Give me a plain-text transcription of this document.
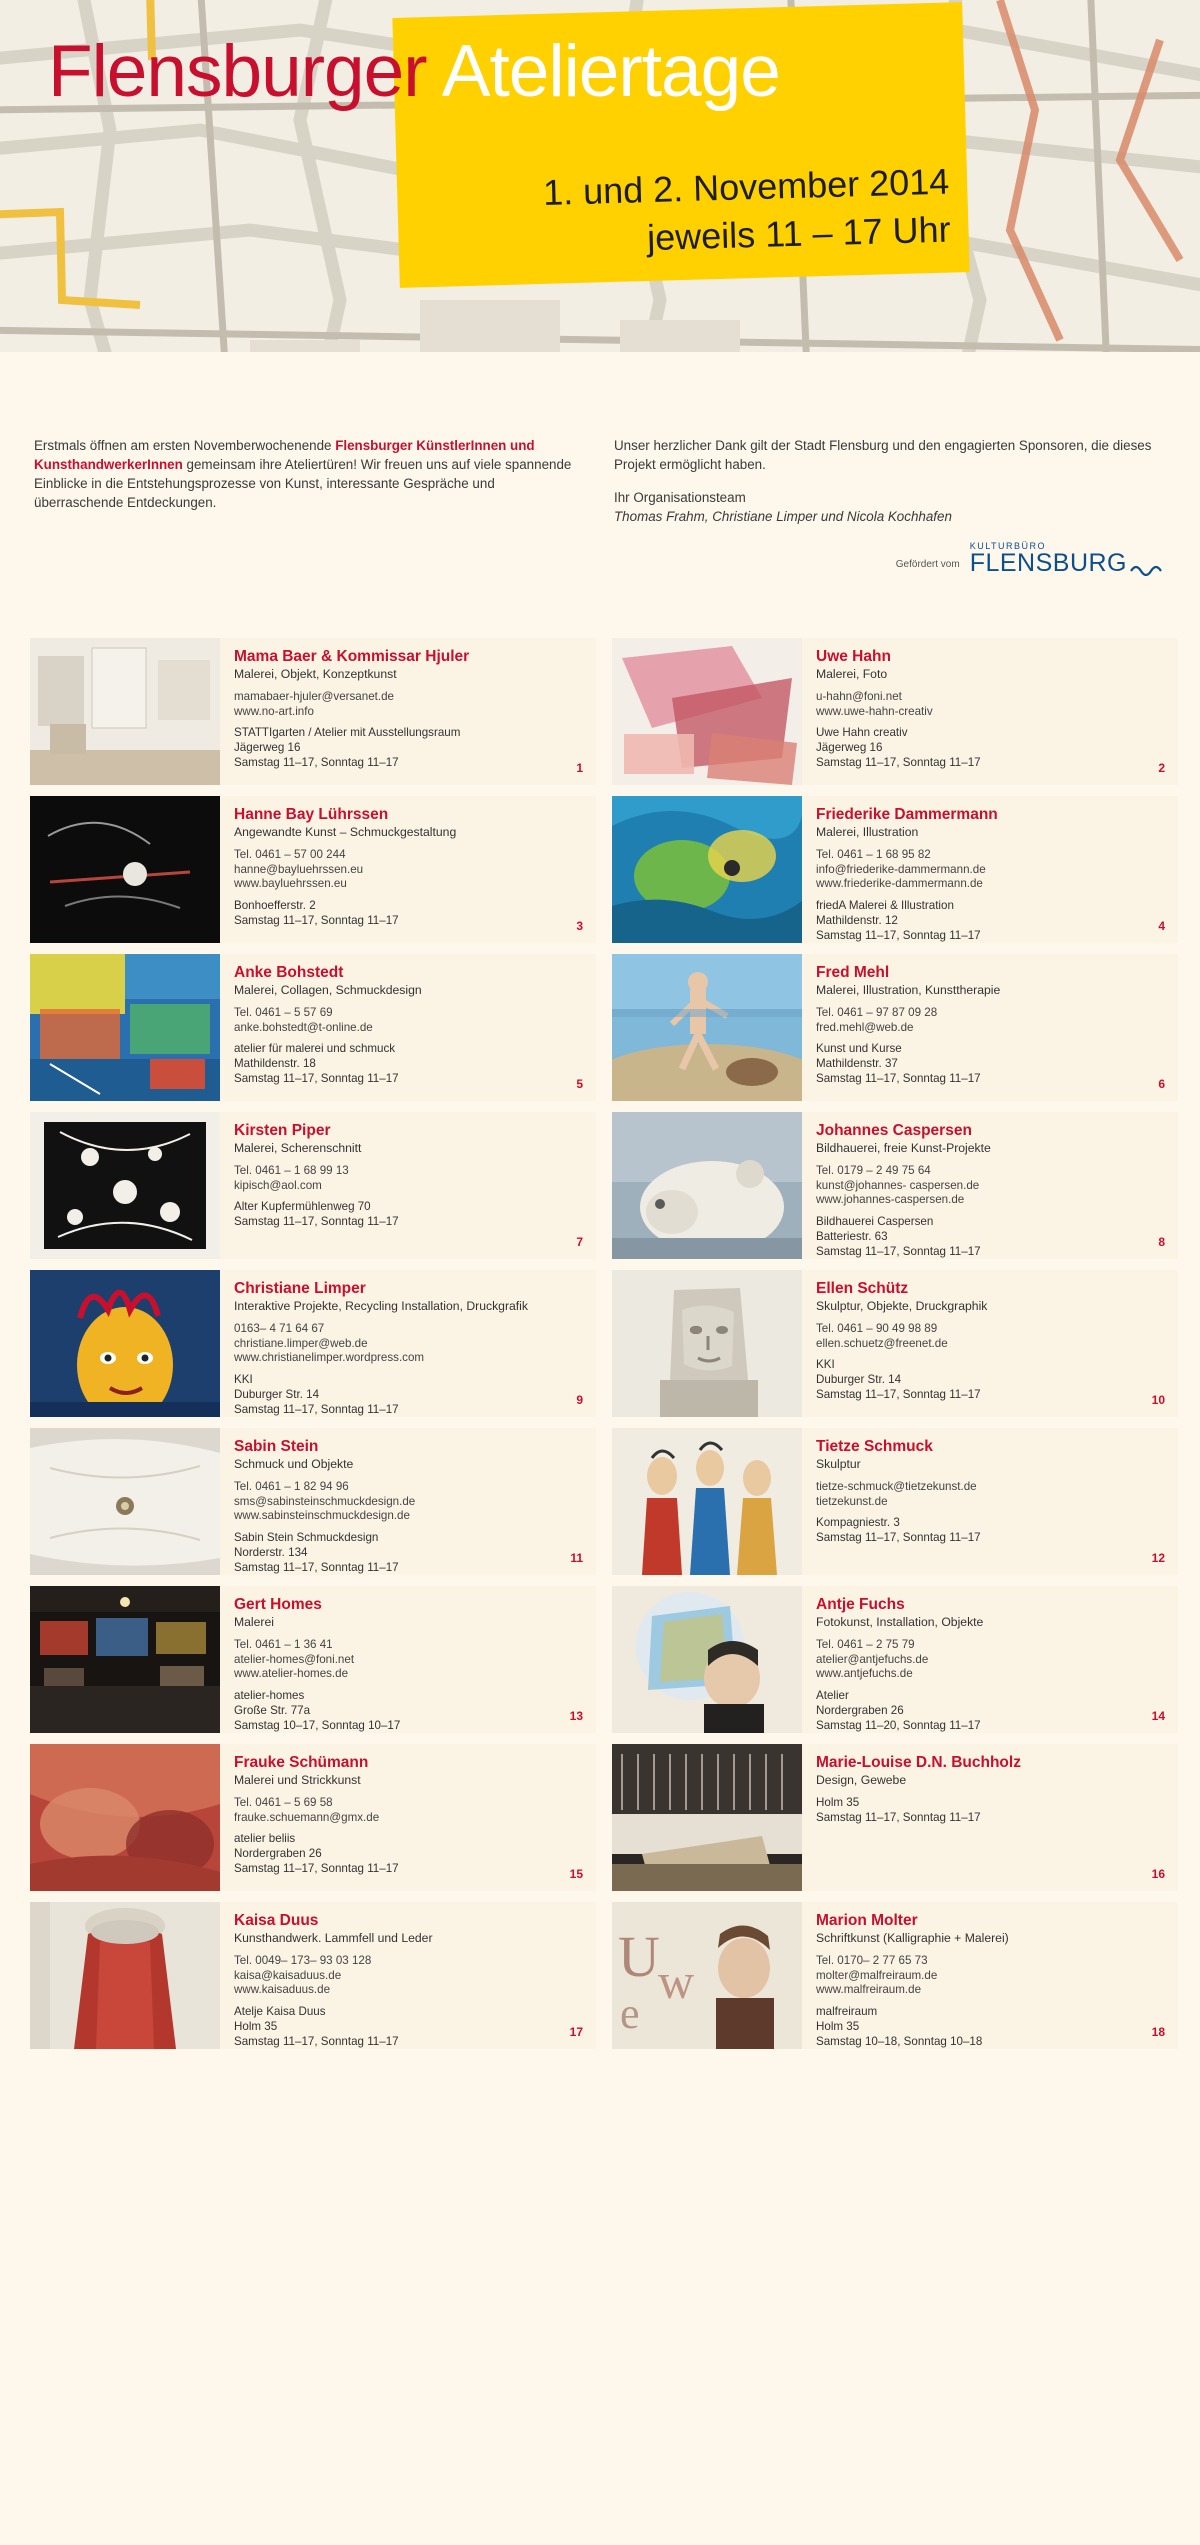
Flensburger Ateliertage
1. und 2. November 2014
jeweils 11 – 17 Uhr
Erstmals öffnen am ersten Novemberwochenende Flensburger KünstlerInnen und KunsthandwerkerInnen gemeinsam ihre Ateliertüren! Wir freuen uns auf viele spannende Einblicke in die Entstehungsprozesse von Kunst, interessante Gespräche und überraschende Entdeckungen.
Unser herzlicher Dank gilt der Stadt Flensburg und den engagierten Sponsoren, die dieses Projekt ermöglicht haben.
Ihr Organisationsteam
Thomas Frahm, Christiane Limper und Nicola Kochhafen
Gefördert vom
KULTURBÜRO
FLENSBURG
Mama Baer & Kommissar Hjuler
Malerei, Objekt, Konzeptkunst
mamabaer-hjuler@versanet.de
www.no-art.info
STATTIgarten / Atelier mit Ausstellungsraum
Jägerweg 16
Samstag 11–17, Sonntag 11–17	1
Uwe Hahn
Malerei, Foto
u-hahn@foni.net
www.uwe-hahn-creativ
Uwe Hahn creativ
Jägerweg 16
Samstag 11–17, Sonntag 11–17	2
Hanne Bay Lührssen
Angewandte Kunst – Schmuckgestaltung
Tel. 0461 – 57 00 244
hanne@bayluehrssen.eu
www.bayluehrssen.eu
Bonhoefferstr. 2
Samstag 11–17, Sonntag 11–17	3
Friederike Dammermann
Malerei, Illustration
Tel. 0461 – 1 68 95 82
info@friederike-dammermann.de
www.friederike-dammermann.de
friedA Malerei & Illustration
Mathildenstr. 12
Samstag 11–17, Sonntag 11–17
4
Anke Bohstedt
Malerei, Collagen, Schmuckdesign
Tel. 0461 – 5 57 69
anke.bohstedt@t-online.de
atelier für malerei und schmuck
Mathildenstr. 18
Samstag 11–17, Sonntag 11–17	5
Fred Mehl
Malerei, Illustration, Kunsttherapie
Tel. 0461 – 97 87 09 28
fred.mehl@web.de
Kunst und Kurse
Mathildenstr. 37
Samstag 11–17, Sonntag 11–17	6
Kirsten Piper
Malerei, Scherenschnitt
Tel. 0461 – 1 68 99 13
kipisch@aol.com
Alter Kupfermühlenweg 70
Samstag 11–17, Sonntag 11–17
7
Johannes Caspersen
Bildhauerei, freie Kunst-Projekte
Tel. 0179 – 2 49 75 64
kunst@johannes- caspersen.de
www.johannes-caspersen.de
Bildhauerei Caspersen
Batteriestr. 63
Samstag 11–17, Sonntag 11–17
8
Christiane Limper
Interaktive Projekte, Recycling Installation, Druckgrafik
0163– 4 71 64 67
christiane.limper@web.de
www.christianelimper.wordpress.com
KKI
Duburger Str. 14
Samstag 11–17, Sonntag 11–17
9
Ellen Schütz
Skulptur, Objekte, Druckgraphik
Tel. 0461 – 90 49 98 89
ellen.schuetz@freenet.de
KKI
Duburger Str. 14
Samstag 11–17, Sonntag 11–17	10
Sabin Stein
Schmuck und Objekte
Tel. 0461 – 1 82 94 96
sms@sabinsteinschmuckdesign.de
www.sabinsteinschmuckdesign.de
Sabin Stein Schmuckdesign
Norderstr. 134
Samstag 11–17, Sonntag 11–17
11
Tietze Schmuck
Skulptur
tietze-schmuck@tietzekunst.de
tietzekunst.de
Kompagniestr. 3
Samstag 11–17, Sonntag 11–17
12
Gert Homes
Malerei
Tel. 0461 – 1 36 41
atelier-homes@foni.net
www.atelier-homes.de
atelier-homes
Große Str. 77a
Samstag 10–17, Sonntag 10–17
13
Antje Fuchs
Fotokunst, Installation, Objekte
Tel. 0461 – 2 75 79
atelier@antjefuchs.de
www.antjefuchs.de
Atelier
Nordergraben 26
Samstag 11–20, Sonntag 11–17
14
Frauke Schümann
Malerei und Strickkunst
Tel. 0461 – 5 69 58
frauke.schuemann@gmx.de
atelier beliis
Nordergraben 26
Samstag 11–17, Sonntag 11–17	15
Marie-Louise D.N. Buchholz
Design, Gewebe
Holm 35
Samstag 11–17, Sonntag 11–17
16
Kaisa Duus
Kunsthandwerk. Lammfell und Leder
Tel. 0049– 173– 93 03 128
kaisa@kaisaduus.de
www.kaisaduus.de
Atelje Kaisa Duus
Holm 35
Samstag 11–17, Sonntag 11–17
17
U
w
e
Marion Molter
Schriftkunst (Kalligraphie + Malerei)
Tel. 0170– 2 77 65 73
molter@malfreiraum.de
www.malfreiraum.de
malfreiraum
Holm 35
Samstag 10–18, Sonntag 10–18
18
